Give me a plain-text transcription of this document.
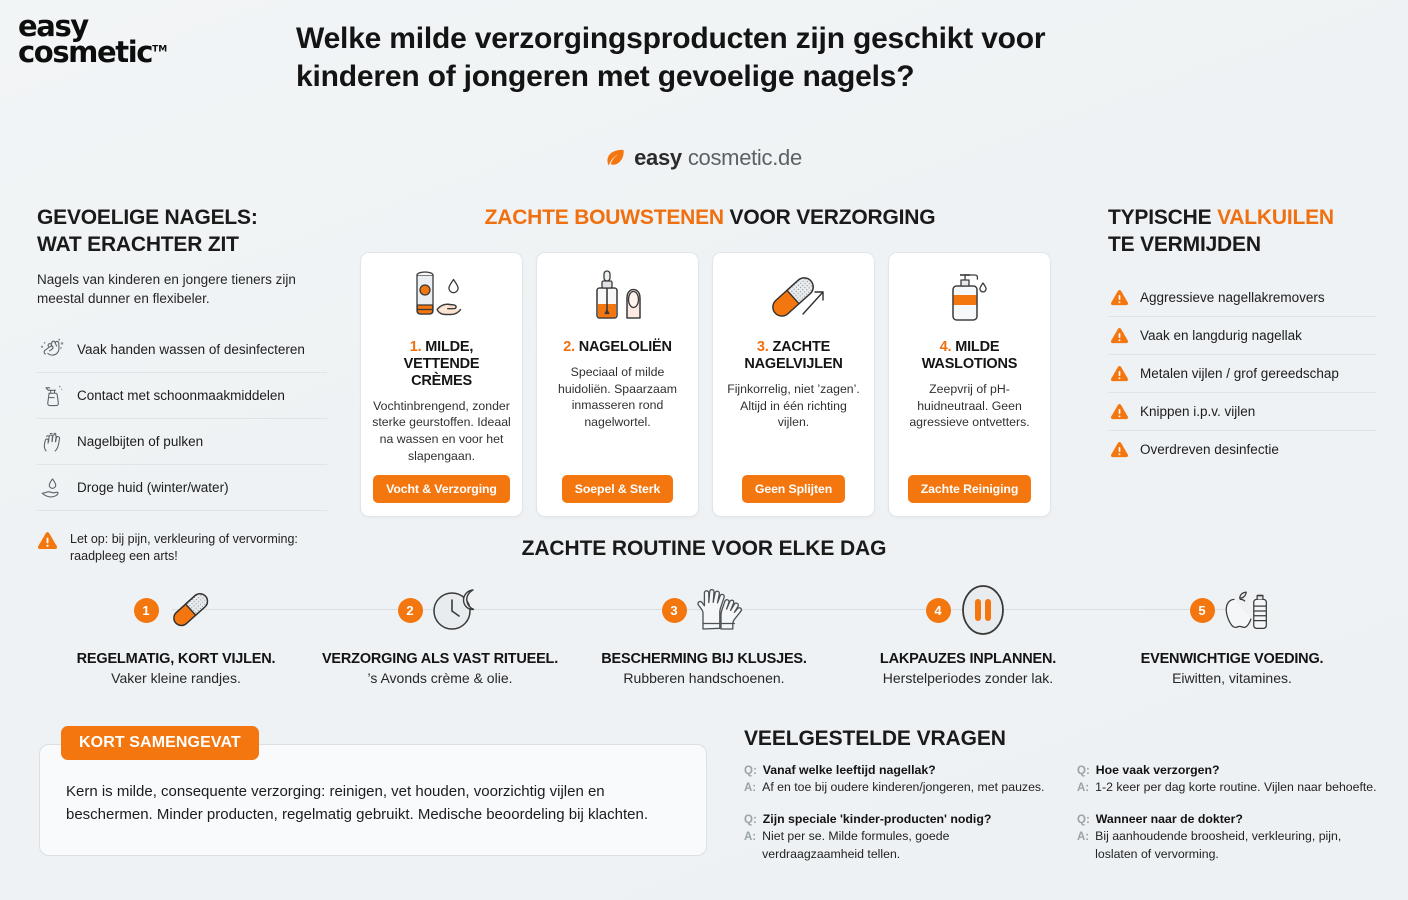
easy
cosmetic™	Welke milde verzorgingsproducten zijn geschikt voor kinderen of jongeren met gevoelige nagels?
easy cosmetic.de
GEVOELIGE NAGELS:
WAT ERACHTER ZIT

Nagels van kinderen en jongere tieners zijn meestal dunner en flexibeler.

Vaak handen wassen of desinfecteren
Contact met schoonmaakmiddelen
Nagelbijten of pulken
Droge huid (winter/water)
Let op: bij pijn, verkleuring of vervorming: raadpleeg een arts!
ZACHTE BOUWSTENEN VOOR VERZORGING
1. MILDE, VETTENDE CRÈMES
Vochtinbrengend, zonder sterke geurstoffen. Ideaal na wassen en voor het slapengaan.
Vocht & Verzorging
2. NAGELOLIËN
Speciaal of milde huidoliën. Spaarzaam inmasseren rond nagelwortel.
Soepel & Sterk
3. ZACHTE NAGELVIJLEN
Fijnkorrelig, niet ’zagen’. Altijd in één richting vijlen.
Geen Splijten
4. MILDE WASLOTIONS
Zeepvrij of pH-huidneutraal. Geen agressieve ontvetters.
Zachte Reiniging
TYPISCHE VALKUILEN
TE VERMIJDEN
Aggressieve nagellakremovers
Vaak en langdurig nagellak
Metalen vijlen / grof gereedschap
Knippen i.p.v. vijlen
Overdreven desinfectie
ZACHTE ROUTINE VOOR ELKE DAG
1	2	3	4	5
REGELMATIG, KORT VIJLEN.
Vaker kleine randjes.
VERZORGING ALS VAST RITUEEL.
’s Avonds crème & olie.
BESCHERMING BIJ KLUSJES.
Rubberen handschoenen.
LAKPAUZES INPLANNEN.
Herstelperiodes zonder lak.
EVENWICHTIGE VOEDING.
Eiwitten, vitamines.
KORT SAMENGEVAT

Kern is milde, consequente verzorging: reinigen, vet houden, voorzichtig vijlen en beschermen. Minder producten, regelmatig gebruikt. Medische beoordeling bij klachten.

VEELGESTELDE VRAGEN
Q: Vanaf welke leeftijd nagellak?
A: Af en toe bij oudere kinderen/jongeren, met pauzes.
Q: Zijn speciale 'kinder-producten' nodig?
A: Niet per se. Milde formules, goede verdraagzaamheid tellen.
Q: Hoe vaak verzorgen?
A: 1-2 keer per dag korte routine. Vijlen naar behoefte.
Q: Wanneer naar de dokter?
A: Bij aanhoudende broosheid, verkleuring, pijn, loslaten of vervorming.
